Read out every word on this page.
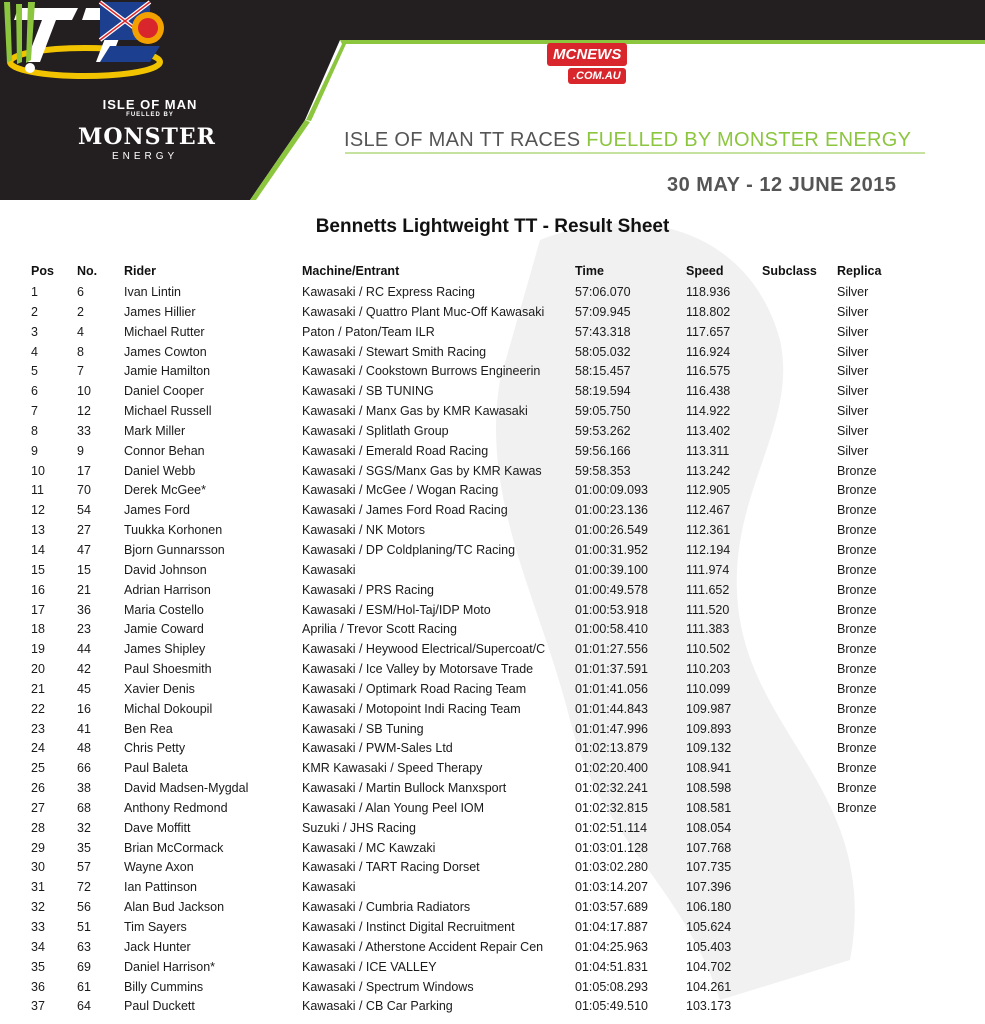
ISLE OF MAN
FUELLED BY
MONSTER
ENERGY
MCNEWS
.COM.AU
ISLE OF MAN TT RACES FUELLED BY MONSTER ENERGY
30 MAY - 12 JUNE 2015
Bennetts Lightweight TT - Result Sheet
Pos No. Rider	Machine/Entrant	Time	Speed	Subclass Replica
1	6	Ivan Lintin	Kawasaki / RC Express Racing	57:06.070	118.936	Silver
2	2	James Hillier	Kawasaki / Quattro Plant Muc-Off Kawasaki	57:09.945	118.802	Silver
3	4	Michael Rutter	Paton / Paton/Team ILR	57:43.318	117.657	Silver
4	8	James Cowton	Kawasaki / Stewart Smith Racing	58:05.032	116.924	Silver
5	7	Jamie Hamilton	Kawasaki / Cookstown Burrows Engineerin	58:15.457	116.575	Silver
6	10	Daniel Cooper	Kawasaki / SB TUNING	58:19.594	116.438	Silver
7	12	Michael Russell	Kawasaki / Manx Gas by KMR Kawasaki	59:05.750	114.922	Silver
8	33	Mark Miller	Kawasaki / Splitlath Group	59:53.262	113.402	Silver
9	9	Connor Behan	Kawasaki / Emerald Road Racing	59:56.166	113.311	Silver
10	17	Daniel Webb	Kawasaki / SGS/Manx Gas by KMR Kawas	59:58.353	113.242	Bronze
11	70	Derek McGee*	Kawasaki / McGee / Wogan Racing	01:00:09.093	112.905	Bronze
12	54	James Ford	Kawasaki / James Ford Road Racing	01:00:23.136	112.467	Bronze
13	27	Tuukka Korhonen	Kawasaki / NK Motors	01:00:26.549	112.361	Bronze
14	47	Bjorn Gunnarsson	Kawasaki / DP Coldplaning/TC Racing	01:00:31.952	112.194	Bronze
15	15	David Johnson	Kawasaki	01:00:39.100	111.974	Bronze
16	21	Adrian Harrison	Kawasaki / PRS Racing	01:00:49.578	111.652	Bronze
17	36	Maria Costello	Kawasaki / ESM/Hol-Taj/IDP Moto	01:00:53.918	111.520	Bronze
18	23	Jamie Coward	Aprilia / Trevor Scott Racing	01:00:58.410	111.383	Bronze
19	44	James Shipley	Kawasaki / Heywood Electrical/Supercoat/C	01:01:27.556	110.502	Bronze
20	42	Paul Shoesmith	Kawasaki / Ice Valley by Motorsave Trade	01:01:37.591	110.203	Bronze
21	45	Xavier Denis	Kawasaki / Optimark Road Racing Team	01:01:41.056	110.099	Bronze
22	16	Michal Dokoupil	Kawasaki / Motopoint Indi Racing Team	01:01:44.843	109.987	Bronze
23	41	Ben Rea	Kawasaki / SB Tuning	01:01:47.996	109.893	Bronze
24	48	Chris Petty	Kawasaki / PWM-Sales Ltd	01:02:13.879	109.132	Bronze
25	66	Paul Baleta	KMR Kawasaki / Speed Therapy	01:02:20.400	108.941	Bronze
26	38	David Madsen-Mygdal	Kawasaki / Martin Bullock Manxsport	01:02:32.241	108.598	Bronze
27	68	Anthony Redmond	Kawasaki / Alan Young Peel IOM	01:02:32.815	108.581	Bronze
28	32	Dave Moffitt	Suzuki / JHS Racing	01:02:51.114	108.054
29	35	Brian McCormack	Kawasaki / MC Kawzaki	01:03:01.128	107.768
30	57	Wayne Axon	Kawasaki / TART Racing Dorset	01:03:02.280	107.735
31	72	Ian Pattinson	Kawasaki	01:03:14.207	107.396
32	56	Alan Bud Jackson	Kawasaki / Cumbria Radiators	01:03:57.689	106.180
33	51	Tim Sayers	Kawasaki / Instinct Digital Recruitment	01:04:17.887	105.624
34	63	Jack Hunter	Kawasaki / Atherstone Accident Repair Cen	01:04:25.963	105.403
35	69	Daniel Harrison*	Kawasaki / ICE VALLEY	01:04:51.831	104.702
36	61	Billy Cummins	Kawasaki / Spectrum Windows	01:05:08.293	104.261
37	64	Paul Duckett	Kawasaki / CB Car Parking	01:05:49.510	103.173
